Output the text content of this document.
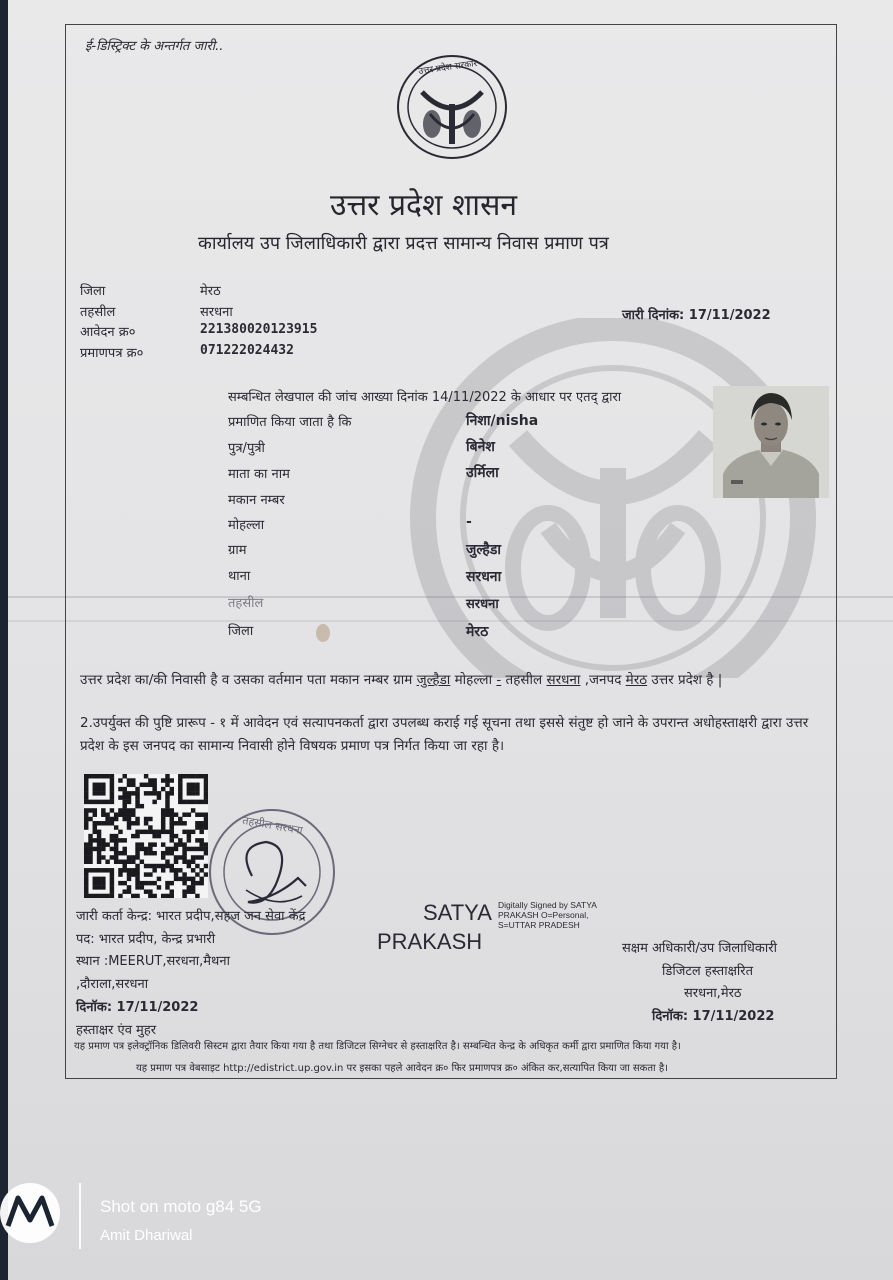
ई-डिस्ट्रिक्ट के अन्तर्गत जारी..
उत्तर प्रदेश सरकार
उत्तर प्रदेश शासन
कार्यालय उप जिलाधिकारी द्वारा प्रदत्त सामान्य निवास प्रमाण पत्र
जिला	मेरठ
तहसील	सरधना
आवेदन क्र०	221380020123915
प्रमाणपत्र क्र०	071222024432
जारी दिनांक: 17/11/2022
सम्बन्धित लेखपाल की जांच आख्या दिनांक 14/11/2022 के आधार पर एतद् द्वारा
प्रमाणित किया जाता है कि	निशा/nisha
पुत्र/पुत्री	बिनेश
माता का नाम	उर्मिला
मकान नम्बर
मोहल्ला	-
ग्राम	जुल्हैडा
थाना	सरधना
तहसील	सरधना
जिला	मेरठ
उत्तर प्रदेश का/की निवासी है व उसका वर्तमान पता मकान नम्बर ग्राम जुल्हैडा मोहल्ला - तहसील सरधना ,जनपद मेरठ उत्तर प्रदेश है |
2.उपर्युक्त की पुष्टि प्रारूप - १ में आवेदन एवं सत्यापनकर्ता द्वारा उपलब्ध कराई गई सूचना तथा इससे संतुष्ट हो जाने के उपरान्त अधोहस्ताक्षरी द्वारा उत्तर प्रदेश के इस जनपद का सामान्य निवासी होने विषयक प्रमाण पत्र निर्गत किया जा रहा है।
तहसील सरधना
जारी कर्ता केन्द्र: भारत प्रदीप,सहज जन सेवा केंद्र
पद: भारत प्रदीप, केन्द्र प्रभारी
स्थान :MEERUT,सरधना,मैथना
,दौराला,सरधना
दिनॉक: 17/11/2022
हस्ताक्षर एंव मुहर
SATYA
PRAKASH
Digitally Signed by SATYA
PRAKASH O=Personal,
S=UTTAR PRADESH
सक्षम अधिकारी/उप जिलाधिकारी
डिजिटल हस्ताक्षरित
सरधना,मेरठ
दिनॉक: 17/11/2022
यह प्रमाण पत्र इलेक्ट्रॉनिक डिलिवरी सिस्टम द्वारा तैयार किया गया है तथा डिजिटल सिग्नेचर से हस्ताक्षरित है। सम्बन्धित केन्द्र के अधिकृत कर्मी द्वारा प्रमाणित किया गया है।
यह प्रमाण पत्र वेबसाइट http://edistrict.up.gov.in पर इसका पहले आवेदन क्र० फिर प्रमाणपत्र क्र० अंकित कर,सत्यापित किया जा सकता है।
Shot on moto g84 5G
Amit Dhariwal
